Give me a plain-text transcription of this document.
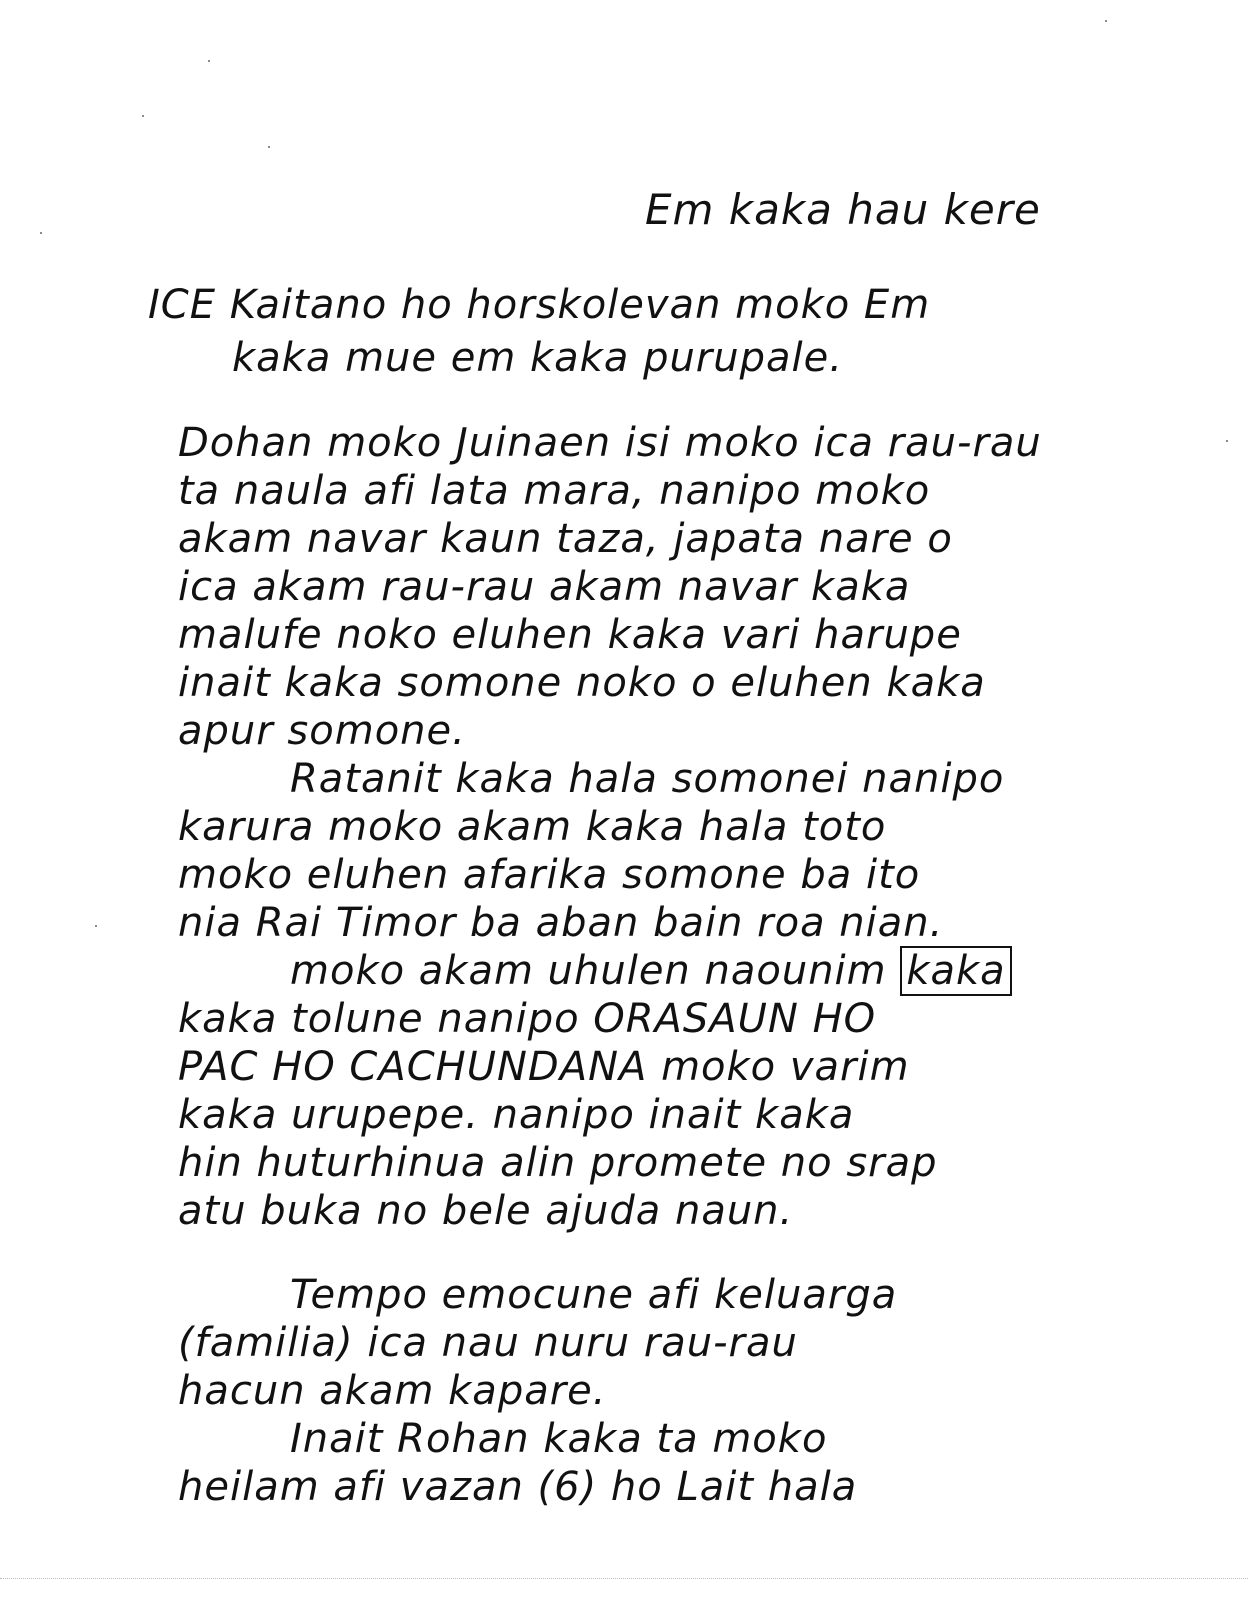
Em kaka hau kere
ICE Kaitano ho horskolevan moko Em
kaka mue em kaka purupale.
Dohan moko Juinaen isi moko ica rau-rau
ta naula afi lata mara, nanipo moko
akam navar kaun taza, japata nare o
ica akam rau-rau akam navar kaka
malufe noko eluhen kaka vari harupe
inait kaka somone noko o eluhen kaka
apur somone.
Ratanit kaka hala somonei nanipo
karura moko akam kaka hala toto
moko eluhen afarika somone ba ito
nia Rai Timor ba aban bain roa nian.
moko akam uhulen naounim kaka
kaka tolune nanipo ORASAUN HO
PAC HO CACHUNDANA moko varim
kaka urupepe. nanipo inait kaka
hin huturhinua alin promete no srap
atu buka no bele ajuda naun.
Tempo emocune afi keluarga
(familia) ica nau nuru rau-rau
hacun akam kapare.
Inait Rohan kaka ta moko
heilam afi vazan (6) ho Lait hala
